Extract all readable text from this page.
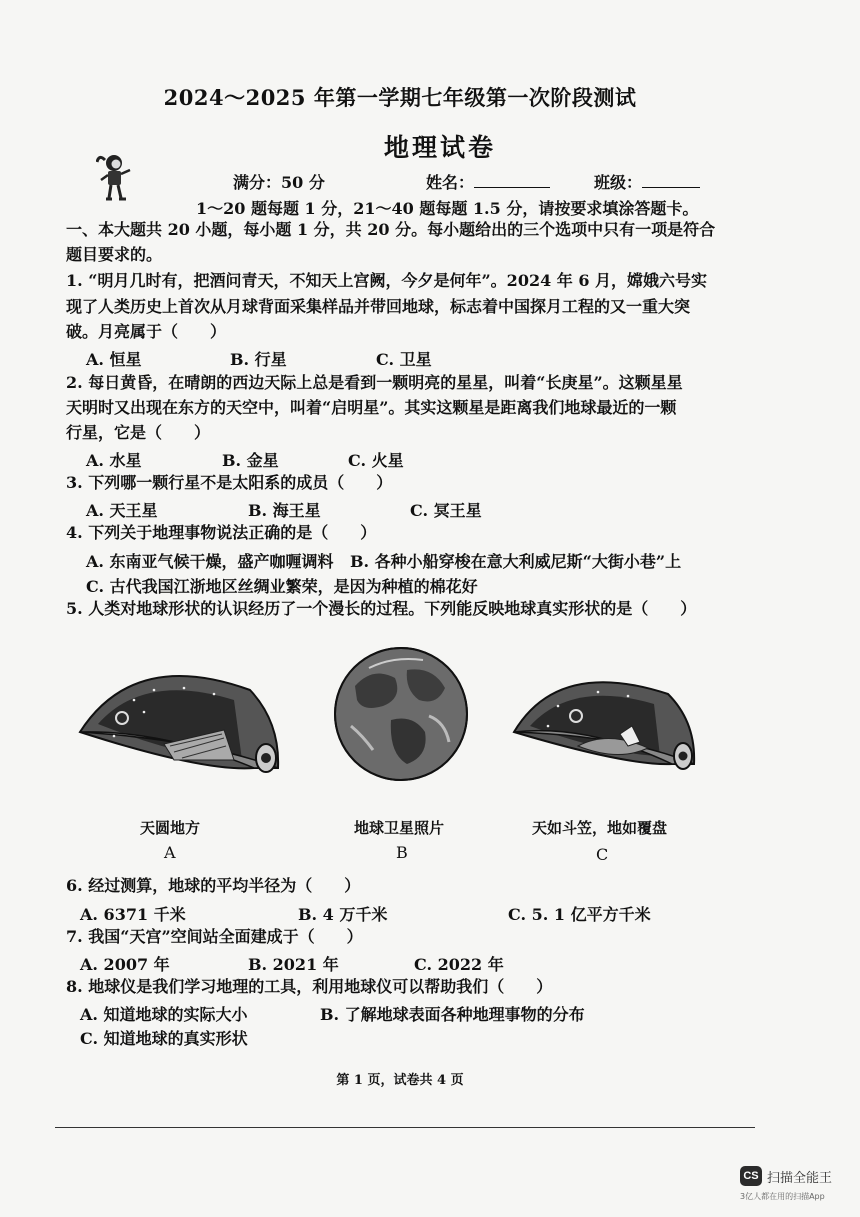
2024～2025 年第一学期七年级第一次阶段测试
地理试卷
满分：50 分	姓名：	班级：
1～20 题每题 1 分，21～40 题每题 1.5 分，请按要求填涂答题卡。
一、本大题共 20 小题，每小题 1 分，共 20 分。每小题给出的三个选项中只有一项是符合
题目要求的。
1. “明月几时有，把酒问青天，不知天上宫阙，今夕是何年”。2024 年 6 月，嫦娥六号实
现了人类历史上首次从月球背面采集样品并带回地球，标志着中国探月工程的又一重大突
破。月亮属于（　　）
A. 恒星	B. 行星	C. 卫星
2. 每日黄昏，在晴朗的西边天际上总是看到一颗明亮的星星，叫着“长庚星”。这颗星星
天明时又出现在东方的天空中，叫着“启明星”。其实这颗星是距离我们地球最近的一颗
行星，它是（　　）
A. 水星	B. 金星	C. 火星
3. 下列哪一颗行星不是太阳系的成员（　　）
A. 天王星	B. 海王星	C. 冥王星
4. 下列关于地理事物说法正确的是（　　）
A. 东南亚气候干燥，盛产咖喱调料 B. 各种小船穿梭在意大利威尼斯“大街小巷”上
C. 古代我国江浙地区丝绸业繁荣，是因为种植的棉花好
5. 人类对地球形状的认识经历了一个漫长的过程。下列能反映地球真实形状的是（　　）
天圆地方	地球卫星照片	天如斗笠，地如覆盘
A	B	C
6. 经过测算，地球的平均半径为（　　）
A. 6371 千米	B. 4 万千米	C. 5. 1 亿平方千米
7. 我国“天宫”空间站全面建成于（　　）
A. 2007 年	B. 2021 年	C. 2022 年
8. 地球仪是我们学习地理的工具，利用地球仪可以帮助我们（　　）
A. 知道地球的实际大小	B. 了解地球表面各种地理事物的分布
C. 知道地球的真实形状
第 1 页，试卷共 4 页
CS 扫描全能王
3亿人都在用的扫描App
